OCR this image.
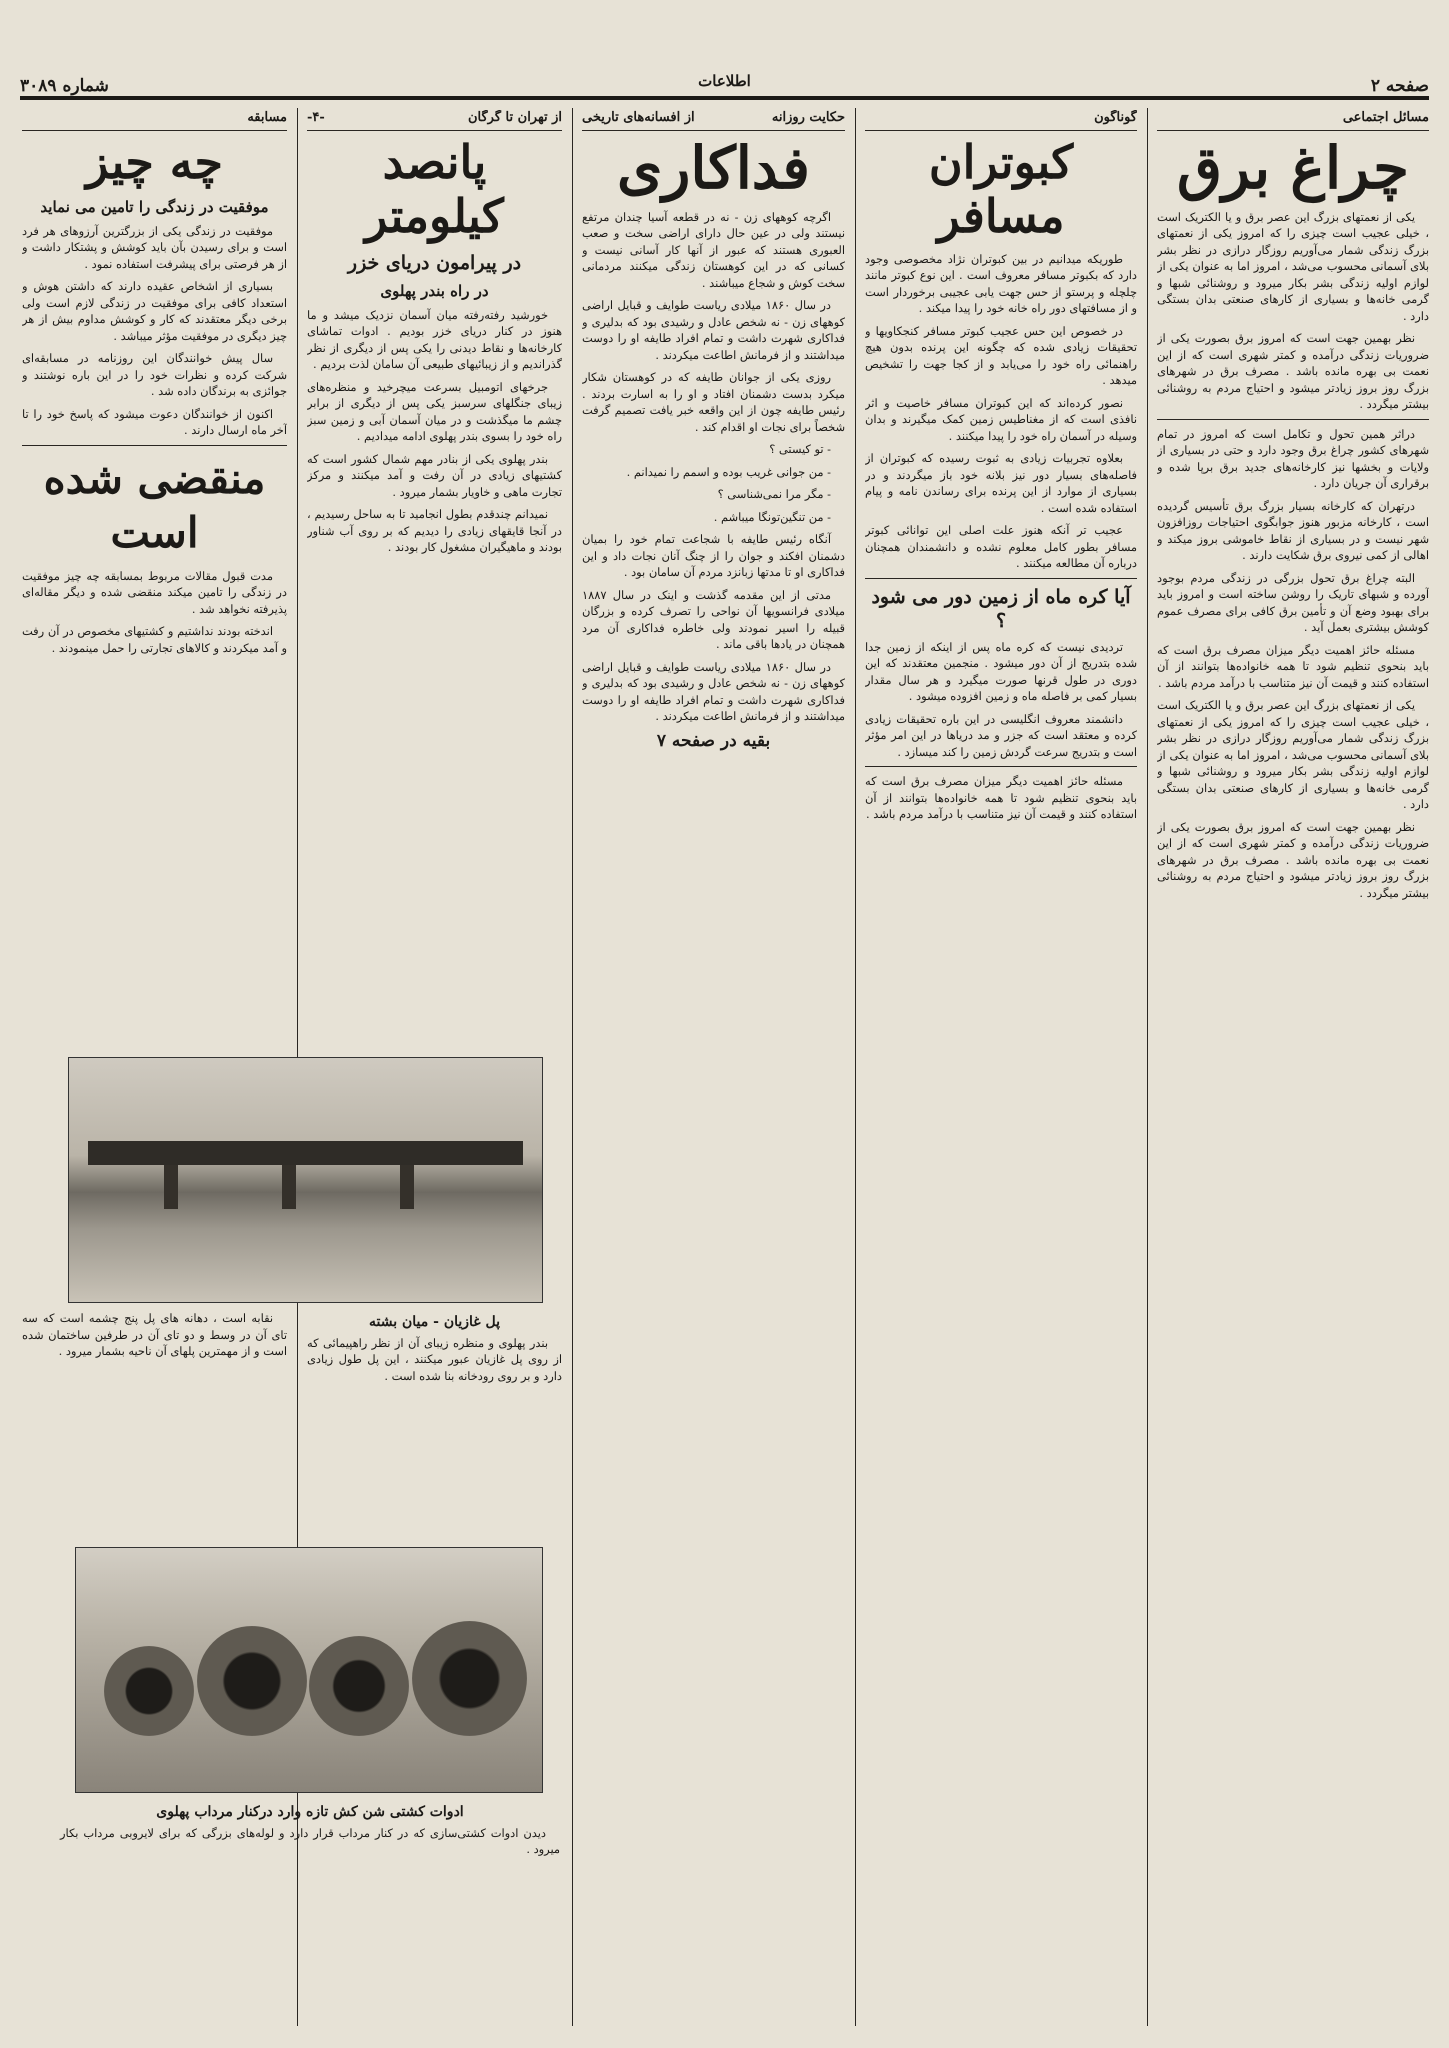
صفحه ۲
اطلاعات
شماره ۳۰۸۹
مسائل اجتماعی
چراغ برق

یکی از نعمتهای بزرگ این عصر برق و یا الکتریک است ، خیلی عجیب است چیزی را که امروز یکی از نعمتهای بزرگ زندگی شمار می‌آوریم روزگار درازی در نظر بشر بلای آسمانی محسوب می‌شد ، امروز اما به عنوان یکی از لوازم اولیه زندگی بشر بکار میرود و روشنائی شبها و گرمی خانه‌ها و بسیاری از کارهای صنعتی بدان بستگی دارد .

نظر بهمین جهت است که امروز برق بصورت یکی از ضروریات زندگی درآمده و کمتر شهری است که از این نعمت بی بهره مانده باشد . مصرف برق در شهرهای بزرگ روز بروز زیادتر میشود و احتیاج مردم به روشنائی بیشتر میگردد .

دراثر همین تحول و تکامل است که امروز در تمام شهرهای کشور چراغ برق وجود دارد و حتی در بسیاری از ولایات و بخشها نیز کارخانه‌های جدید برق برپا شده و برقراری آن جریان دارد .

درتهران که کارخانه بسیار بزرگ برق تأسیس گردیده است ، کارخانه مزبور هنوز جوابگوی احتیاجات روزافزون شهر نیست و در بسیاری از نقاط خاموشی بروز میکند و اهالی از کمی نیروی برق شکایت دارند .

البته چراغ برق تحول بزرگی در زندگی مردم بوجود آورده و شبهای تاریک را روشن ساخته است و امروز باید برای بهبود وضع آن و تأمین برق کافی برای مصرف عموم کوشش بیشتری بعمل آید .

مسئله حائز اهمیت دیگر میزان مصرف برق است که باید بنحوی تنظیم شود تا همه خانواده‌ها بتوانند از آن استفاده کنند و قیمت آن نیز متناسب با درآمد مردم باشد .

یکی از نعمتهای بزرگ این عصر برق و یا الکتریک است ، خیلی عجیب است چیزی را که امروز یکی از نعمتهای بزرگ زندگی شمار می‌آوریم روزگار درازی در نظر بشر بلای آسمانی محسوب می‌شد ، امروز اما به عنوان یکی از لوازم اولیه زندگی بشر بکار میرود و روشنائی شبها و گرمی خانه‌ها و بسیاری از کارهای صنعتی بدان بستگی دارد .

نظر بهمین جهت است که امروز برق بصورت یکی از ضروریات زندگی درآمده و کمتر شهری است که از این نعمت بی بهره مانده باشد . مصرف برق در شهرهای بزرگ روز بروز زیادتر میشود و احتیاج مردم به روشنائی بیشتر میگردد .

گوناگون
کبوتران مسافر

طوریکه میدانیم در بین کبوتران نژاد مخصوصی وجود دارد که بکبوتر مسافر معروف است . این نوع کبوتر مانند چلچله و پرستو از حس جهت یابی عجیبی برخوردار است و از مسافتهای دور راه خانه خود را پیدا میکند .

در خصوص این حس عجیب کبوتر مسافر کنجکاویها و تحقیقات زیادی شده که چگونه این پرنده بدون هیچ راهنمائی راه خود را می‌یابد و از کجا جهت را تشخیص میدهد .

نصور کرده‌اند که این کبوتران مسافر خاصیت و اثر نافذی است که از مغناطیس زمین کمک میگیرند و بدان وسیله در آسمان راه خود را پیدا میکنند .

بعلاوه تجربیات زیادی به ثبوت رسیده که کبوتران از فاصله‌های بسیار دور نیز بلانه خود باز میگردند و در بسیاری از موارد از این پرنده برای رساندن نامه و پیام استفاده شده است .

عجیب تر آنکه هنوز علت اصلی این توانائی کبوتر مسافر بطور کامل معلوم نشده و دانشمندان همچنان درباره آن مطالعه میکنند .

آیا کره ماه از زمین دور می شود ؟

تردیدی نیست که کره ماه پس از اینکه از زمین جدا شده بتدریج از آن دور میشود . منجمین معتقدند که این دوری در طول قرنها صورت میگیرد و هر سال مقدار بسیار کمی بر فاصله ماه و زمین افزوده میشود .

دانشمند معروف انگلیسی در این باره تحقیقات زیادی کرده و معتقد است که جزر و مد دریاها در این امر مؤثر است و بتدریج سرعت گردش زمین را کند میسازد .

مسئله حائز اهمیت دیگر میزان مصرف برق است که باید بنحوی تنظیم شود تا همه خانواده‌ها بتوانند از آن استفاده کنند و قیمت آن نیز متناسب با درآمد مردم باشد .

حکایت روزانه
از افسانه‌های تاریخی
فداکاری

اگرچه کوههای زن - نه در قطعه آسیا چندان مرتفع نیستند ولی در عین حال دارای اراضی سخت و صعب العبوری هستند که عبور از آنها کار آسانی نیست و کسانی که در این کوهستان زندگی میکنند مردمانی سخت کوش و شجاع میباشند .

در سال ۱۸۶۰ میلادی ریاست طوایف و قبایل اراضی کوههای زن - نه شخص عادل و رشیدی بود که بدلیری و فداکاری شهرت داشت و تمام افراد طایفه او را دوست میداشتند و از فرمانش اطاعت میکردند .

روزی یکی از جوانان طایفه که در کوهستان شکار میکرد بدست دشمنان افتاد و او را به اسارت بردند . رئیس طایفه چون از این واقعه خبر یافت تصمیم گرفت شخصاً برای نجات او اقدام کند .

- تو کیستی ؟

- من جوانی غریب بوده و اسمم را نمیدانم .

- مگر مرا نمی‌شناسی ؟

- من تنگین‌تونگا میباشم .

آنگاه رئیس طایفه با شجاعت تمام خود را بمیان دشمنان افکند و جوان را از چنگ آنان نجات داد و این فداکاری او تا مدتها زبانزد مردم آن سامان بود .

مدتی از این مقدمه گذشت و اینک در سال ۱۸۸۷ میلادی فرانسویها آن نواحی را تصرف کرده و بزرگان قبیله را اسیر نمودند ولی خاطره فداکاری آن مرد همچنان در یادها باقی ماند .

در سال ۱۸۶۰ میلادی ریاست طوایف و قبایل اراضی کوههای زن - نه شخص عادل و رشیدی بود که بدلیری و فداکاری شهرت داشت و تمام افراد طایفه او را دوست میداشتند و از فرمانش اطاعت میکردند .

بقیه در صفحه ۷
از تهران تا گرگان
-۴-
پانصد کیلومتر
در پیرامون دریای خزر
در راه بندر پهلوی

خورشید رفته‌رفته میان آسمان نزدیک میشد و ما هنوز در کنار دریای خزر بودیم . ادوات تماشای کارخانه‌ها و نقاط دیدنی را یکی پس از دیگری از نظر گذراندیم و از زیبائیهای طبیعی آن سامان لذت بردیم .

جرخهای اتومبیل بسرعت میچرخید و منظره‌های زیبای جنگلهای سرسبز یکی پس از دیگری از برابر چشم ما میگذشت و در میان آسمان آبی و زمین سبز راه خود را بسوی بندر پهلوی ادامه میدادیم .

بندر پهلوی یکی از بنادر مهم شمال کشور است که کشتیهای زیادی در آن رفت و آمد میکنند و مرکز تجارت ماهی و خاویار بشمار میرود .

نمیدانم چندقدم بطول انجامید تا به ساحل رسیدیم ، در آنجا قایقهای زیادی را دیدیم که بر روی آب شناور بودند و ماهیگیران مشغول کار بودند .

مسابقه
چه چیز
موفقیت در زندگی را تامین می نماید

موفقیت در زندگی یکی از بزرگترین آرزوهای هر فرد است و برای رسیدن بآن باید کوشش و پشتکار داشت و از هر فرصتی برای پیشرفت استفاده نمود .

بسیاری از اشخاص عقیده دارند که داشتن هوش و استعداد کافی برای موفقیت در زندگی لازم است ولی برخی دیگر معتقدند که کار و کوشش مداوم بیش از هر چیز دیگری در موفقیت مؤثر میباشد .

سال پیش خوانندگان این روزنامه در مسابقه‌ای شرکت کرده و نظرات خود را در این باره نوشتند و جوائزی به برندگان داده شد .

اکنون از خوانندگان دعوت میشود که پاسخ خود را تا آخر ماه ارسال دارند .

منقضی شده است

مدت قبول مقالات مربوط بمسابقه چه چیز موفقیت در زندگی را تامین میکند منقضی شده و دیگر مقاله‌ای پذیرفته نخواهد شد .

اندخته بودند نداشتیم و کشتیهای مخصوص در آن رفت و آمد میکردند و کالاهای تجارتی را حمل مینمودند .

پل غازیان - میان بشته

بندر پهلوی و منظره زیبای آن از نظر راهپیمائی که از روی پل غازیان عبور میکنند ، این پل طول زیادی دارد و بر روی رودخانه بنا شده است .

نقابه است ، دهانه های پل پنج چشمه است که سه تای آن در وسط و دو تای آن در طرفین ساختمان شده است و از مهمترین پلهای آن ناحیه بشمار میرود .

ادوات کشتی شن کش تازه وارد درکنار مرداب پهلوی

دیدن ادوات کشتی‌سازی که در کنار مرداب قرار دارد و لوله‌های بزرگی که برای لایروبی مرداب بکار میرود .
